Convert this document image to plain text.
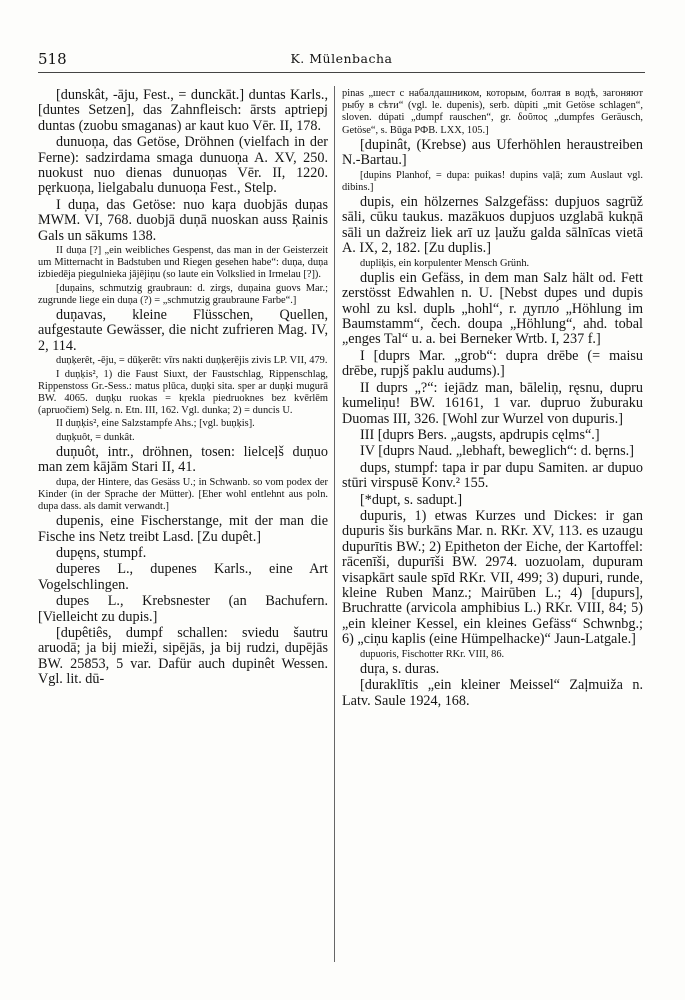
518	K. Mülenbacha

[dunskât, -āju, Fest., = dunckāt.] duntas Karls., [duntes Setzen], das Zahnfleisch: ārsts aptriepj duntas (zuobu smaganas) ar kaut kuo Vēr. II, 178.

dunuoņa, das Getöse, Dröhnen (vielfach in der Ferne): sadzirdama smaga dunuoņa A. XV, 250. nuokust nuo dienas dunuoņas Vēr. II, 1220. pęrkuoņa, lielgabalu dunuoņa Fest., Stelp.

I duņa, das Getöse: nuo kaŗa duobjās duņas MWM. VI, 768. duobjā duņā nuoskan auss Ŗainis Gals un sākums 138.

II duņa [?] „ein weibliches Gespenst, das man in der Geisterzeit um Mitternacht in Badstuben und Riegen gesehen habe“: duņa, duņa izbiedēja piegulnieka jājējiņu (so laute ein Volkslied in Irmelau [?]).

[duņains, schmutzig graubraun: d. zirgs, duņaina guovs Mar.; zugrunde liege ein duņa (?) = „schmutzig graubraune Farbe“.]

duņavas, kleine Flüsschen, Quellen, aufgestaute Gewässer, die nicht zufrieren Mag. IV, 2, 114.

duņķerêt, -ēju, = dūķerēt: vīrs nakti duņķerējis zivis LP. VII, 479.

I duņķis², 1) die Faust Siuxt, der Faustschlag, Rippenschlag, Rippenstoss Gr.-Sess.: matus plūca, duņķi sita. sper ar duņķi mugurā BW. 4065. duņķu ruokas = kŗekla piedruoknes bez kvērlēm (apruočiem) Selg. n. Etn. III, 162. Vgl. dunka; 2) = duncis U.

II duņķis², eine Salzstampfe Ahs.; [vgl. buņķis].

duņķuôt, = dunkât.

duņuôt, intr., dröhnen, tosen: lielceļš duņuo man zem kājām Stari II, 41.

dupa, der Hintere, das Gesäss U.; in Schwanb. so vom podex der Kinder (in der Sprache der Mütter). [Eher wohl entlehnt aus poln. dupa dass. als damit verwandt.]

dupenis, eine Fischerstange, mit der man die Fische ins Netz treibt Lasd. [Zu dupêt.]

dupęns, stumpf.

duperes L., dupenes Karls., eine Art Vogelschlingen.

dupes L., Krebsnester (an Bachufern. [Vielleicht zu dupis.]

[dupêtiês, dumpf schallen: sviedu šautru aruodā; ja bij mieži, sipējās, ja bij rudzi, dupējās BW. 25853, 5 var. Dafür auch dupinêt Wessen. Vgl. lit. dū-

pinas „шест с набалдашником, которым, болтая в водѣ, загоняют рыбу в сѣти“ (vgl. le. dupenis), serb. dùpiti „mit Getöse schlagen“, sloven. dúpati „dumpf rauschen“, gr. δοῦπος „dumpfes Geräusch, Getöse“, s. Būga РФВ. LXX, 105.]

[dupinât, (Krebse) aus Uferhöhlen heraustreiben N.-Bartau.]

[dupins Planhof, = dupa: puikas! dupins vaļā; zum Auslaut vgl. dibins.]

dupis, ein hölzernes Salzgefäss: dupjuos sagrūž sāli, cūku taukus. mazākuos dupjuos uzglabā kukņā sāli un dažreiz liek arī uz ļaužu galda sālnīcas vietā A. IX, 2, 182. [Zu duplis.]

dupliķis, ein korpulenter Mensch Grünh.

duplis ein Gefäss, in dem man Salz hält od. Fett zerstösst Edwahlen n. U. [Nebst dupes und dupis wohl zu ksl. duplь „hohl“, r. дупло́ „Höhlung im Baumstamm“, čech. doupa „Höhlung“, ahd. tobal „enges Tal“ u. a. bei Berneker Wrtb. I, 237 f.]

I [duprs Mar. „grob“: dupra drēbe (= maisu drēbe, rupjš paklu audums).]

II duprs „?“: iejādz man, bāleliņ, ręsnu, dupru kumeliņu! BW. 16161, 1 var. dupruo žuburaku Duomas III, 326. [Wohl zur Wurzel von dupuris.]

III [duprs Bers. „augsts, apdrupis cęlms“.]

IV [duprs Naud. „lebhaft, beweglich“: d. bęrns.]

dups, stumpf: tapa ir par dupu Samiten. ar dupuo stūri virspusē Konv.² 155.

[*dupt, s. sadupt.]

dupuris, 1) etwas Kurzes und Dickes: ir gan dupuris šis burkāns Mar. n. RKr. XV, 113. es uzaugu dupurītis BW.; 2) Epitheton der Eiche, der Kartoffel: rācenīši, dupurīši BW. 2974. uozuolam, dupuram visapkārt saule spīd RKr. VII, 499; 3) dupuri, runde, kleine Ruben Manz.; Mairūben L.; 4) [dupurs], Bruchratte (arvicola amphibius L.) RKr. VIII, 84; 5) „ein kleiner Kessel, ein kleines Gefäss“ Schwnbg.; 6) „ciņu kaplis (eine Hümpelhacke)“ Jaun-Latgale.]

dupuoris, Fischotter RKr. VIII, 86.

duŗa, s. duras.

[duraklītis „ein kleiner Meissel“ Zaļmuiža n. Latv. Saule 1924, 168.
